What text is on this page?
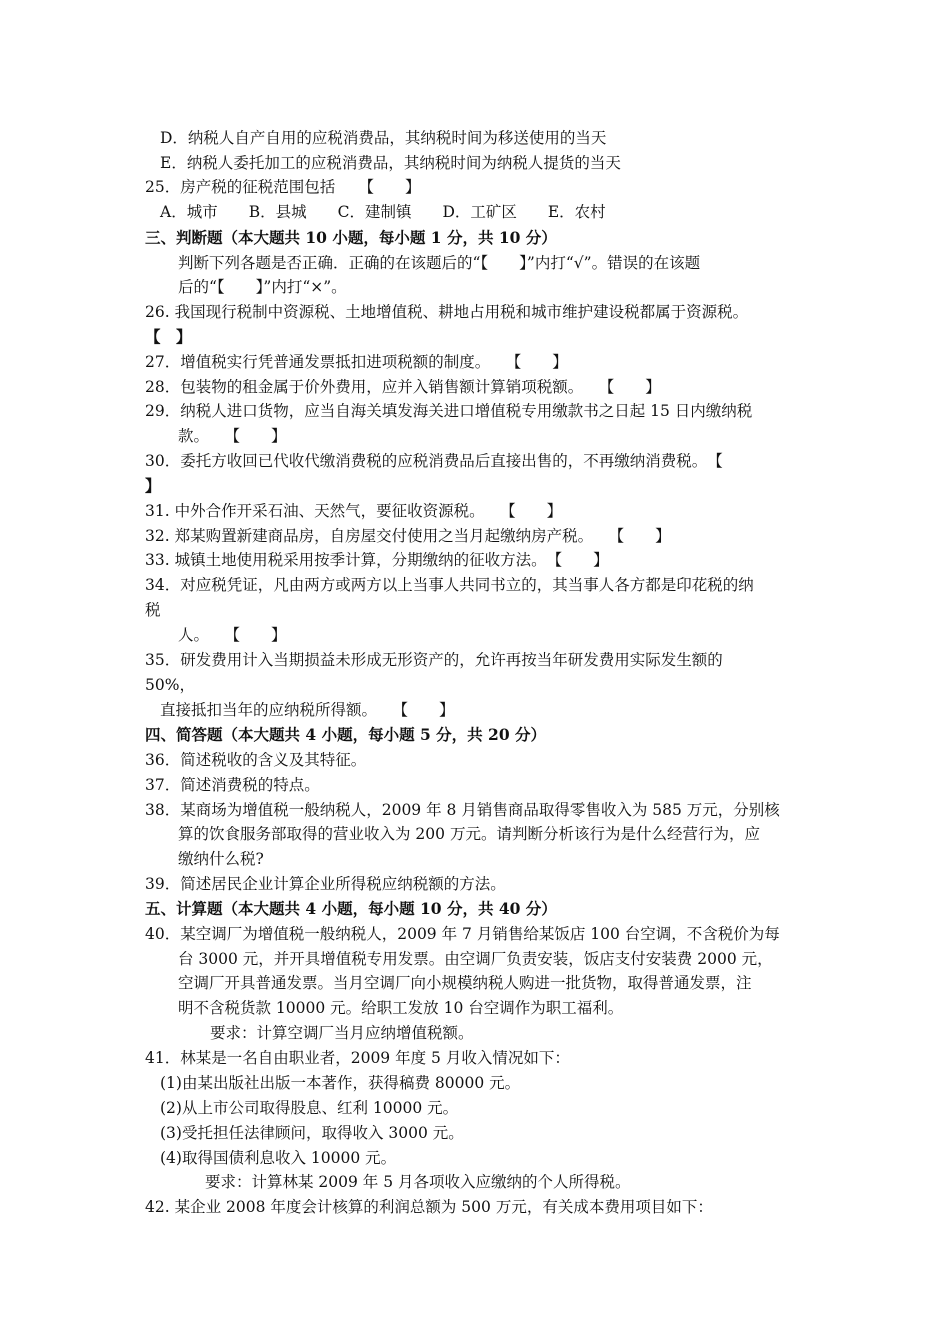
D．纳税人自产自用的应税消费品，其纳税时间为移送使用的当天
E．纳税人委托加工的应税消费品，其纳税时间为纳税人提货的当天
25．房产税的征税范围包括　　【　　】
A．城市　　B．县城　　C．建制镇　　D．工矿区　　E．农村
三、判断题（本大题共 10 小题，每小题 1 分，共 10 分）
判断下列各题是否正确．正确的在该题后的“【　　】”内打“√”。错误的在该题
后的“【　　】”内打“×”。
26. 我国现行税制中资源税、土地增值税、耕地占用税和城市维护建设税都属于资源税。
【　】
27．增值税实行凭普通发票抵扣进项税额的制度。　　【　　】
28．包装物的租金属于价外费用，应并入销售额计算销项税额。　　【　　】
29．纳税人进口货物，应当自海关填发海关进口增值税专用缴款书之日起 15 日内缴纳税
款。　　【　　】
30．委托方收回已代收代缴消费税的应税消费品后直接出售的，不再缴纳消费税。　【
】
31. 中外合作开采石油、天然气，要征收资源税。　　【　　】
32. 郑某购置新建商品房，自房屋交付使用之当月起缴纳房产税。　　【　　】
33. 城镇土地使用税采用按季计算，分期缴纳的征收方法。　【　　】
34．对应税凭证，凡由两方或两方以上当事人共同书立的，其当事人各方都是印花税的纳
税
人。　　【　　】
35．研发费用计入当期损益未形成无形资产的，允许再按当年研发费用实际发生额的
50%，
直接抵扣当年的应纳税所得额。　　【　　】
四、简答题（本大题共 4 小题，每小题 5 分，共 20 分）
36．简述税收的含义及其特征。
37．简述消费税的特点。
38．某商场为增值税一般纳税人，2009 年 8 月销售商品取得零售收入为 585 万元，分别核
算的饮食服务部取得的营业收入为 200 万元。请判断分析该行为是什么经营行为，应
缴纳什么税?
39．简述居民企业计算企业所得税应纳税额的方法。
五、计算题（本大题共 4 小题，每小题 10 分，共 40 分）
40．某空调厂为增值税一般纳税人，2009 年 7 月销售给某饭店 100 台空调，不含税价为每
台 3000 元，并开具增值税专用发票。由空调厂负责安装，饭店支付安装费 2000 元，
空调厂开具普通发票。当月空调厂向小规模纳税人购进一批货物，取得普通发票，注
明不含税货款 10000 元。给职工发放 10 台空调作为职工福利。
要求：计算空调厂当月应纳增值税额。
41．林某是一名自由职业者，2009 年度 5 月收入情况如下：
(1)由某出版社出版一本著作，获得稿费 80000 元。
(2)从上市公司取得股息、红利 10000 元。
(3)受托担任法律顾问，取得收入 3000 元。
(4)取得国债利息收入 10000 元。
要求：计算林某 2009 年 5 月各项收入应缴纳的个人所得税。
42. 某企业 2008 年度会计核算的利润总额为 500 万元，有关成本费用项目如下：
